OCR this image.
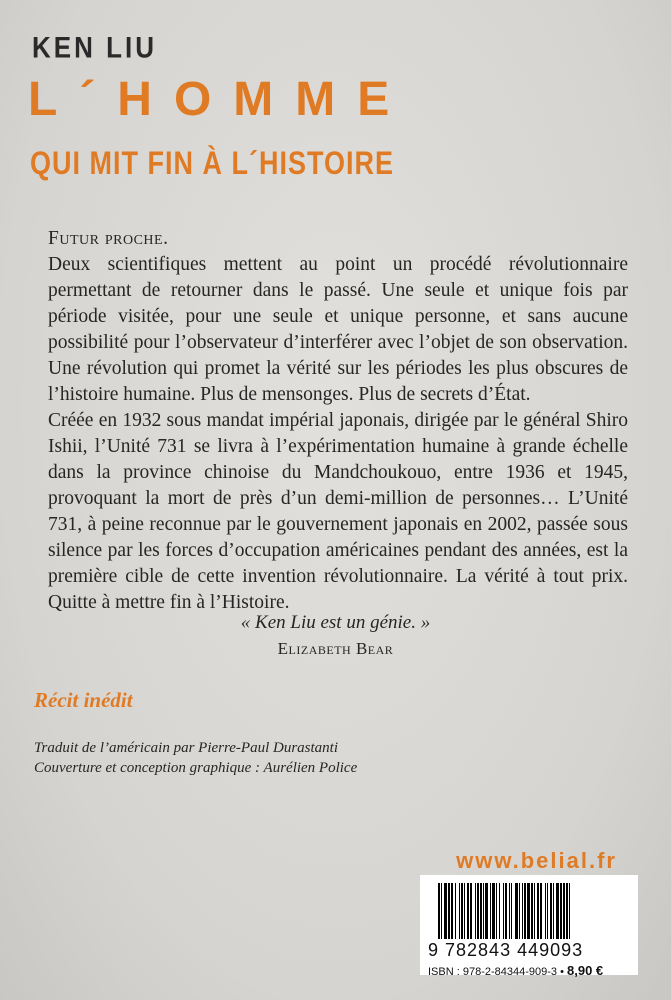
KEN LIU
L´HOMME
QUI MIT FIN À L´HISTOIRE

Futur proche.

Deux scientifiques mettent au point un procédé révolutionnaire permettant de retourner dans le passé. Une seule et unique fois par période visitée, pour une seule et unique personne, et sans aucune possibilité pour l’observateur d’interférer avec l’objet de son observation. Une révolution qui promet la vérité sur les périodes les plus obscures de l’histoire humaine. Plus de mensonges. Plus de secrets d’État.

Créée en 1932 sous mandat impérial japonais, dirigée par le général Shiro Ishii, l’Unité 731 se livra à l’expérimentation humaine à grande échelle dans la province chinoise du Mandchoukouo, entre 1936 et 1945, provoquant la mort de près d’un demi-million de personnes… L’Unité 731, à peine reconnue par le gouvernement japonais en 2002, passée sous silence par les forces d’occupation américaines pendant des années, est la première cible de cette invention révolutionnaire. La vérité à tout prix. Quitte à mettre fin à l’Histoire.

« Ken Liu est un génie. »
Elizabeth Bear
Récit inédit
Traduit de l’américain par Pierre-Paul Durastanti
Couverture et conception graphique : Aurélien Police
www.belial.fr
9 782843 449093
ISBN : 978-2-84344-909-3 • 8,90 €
